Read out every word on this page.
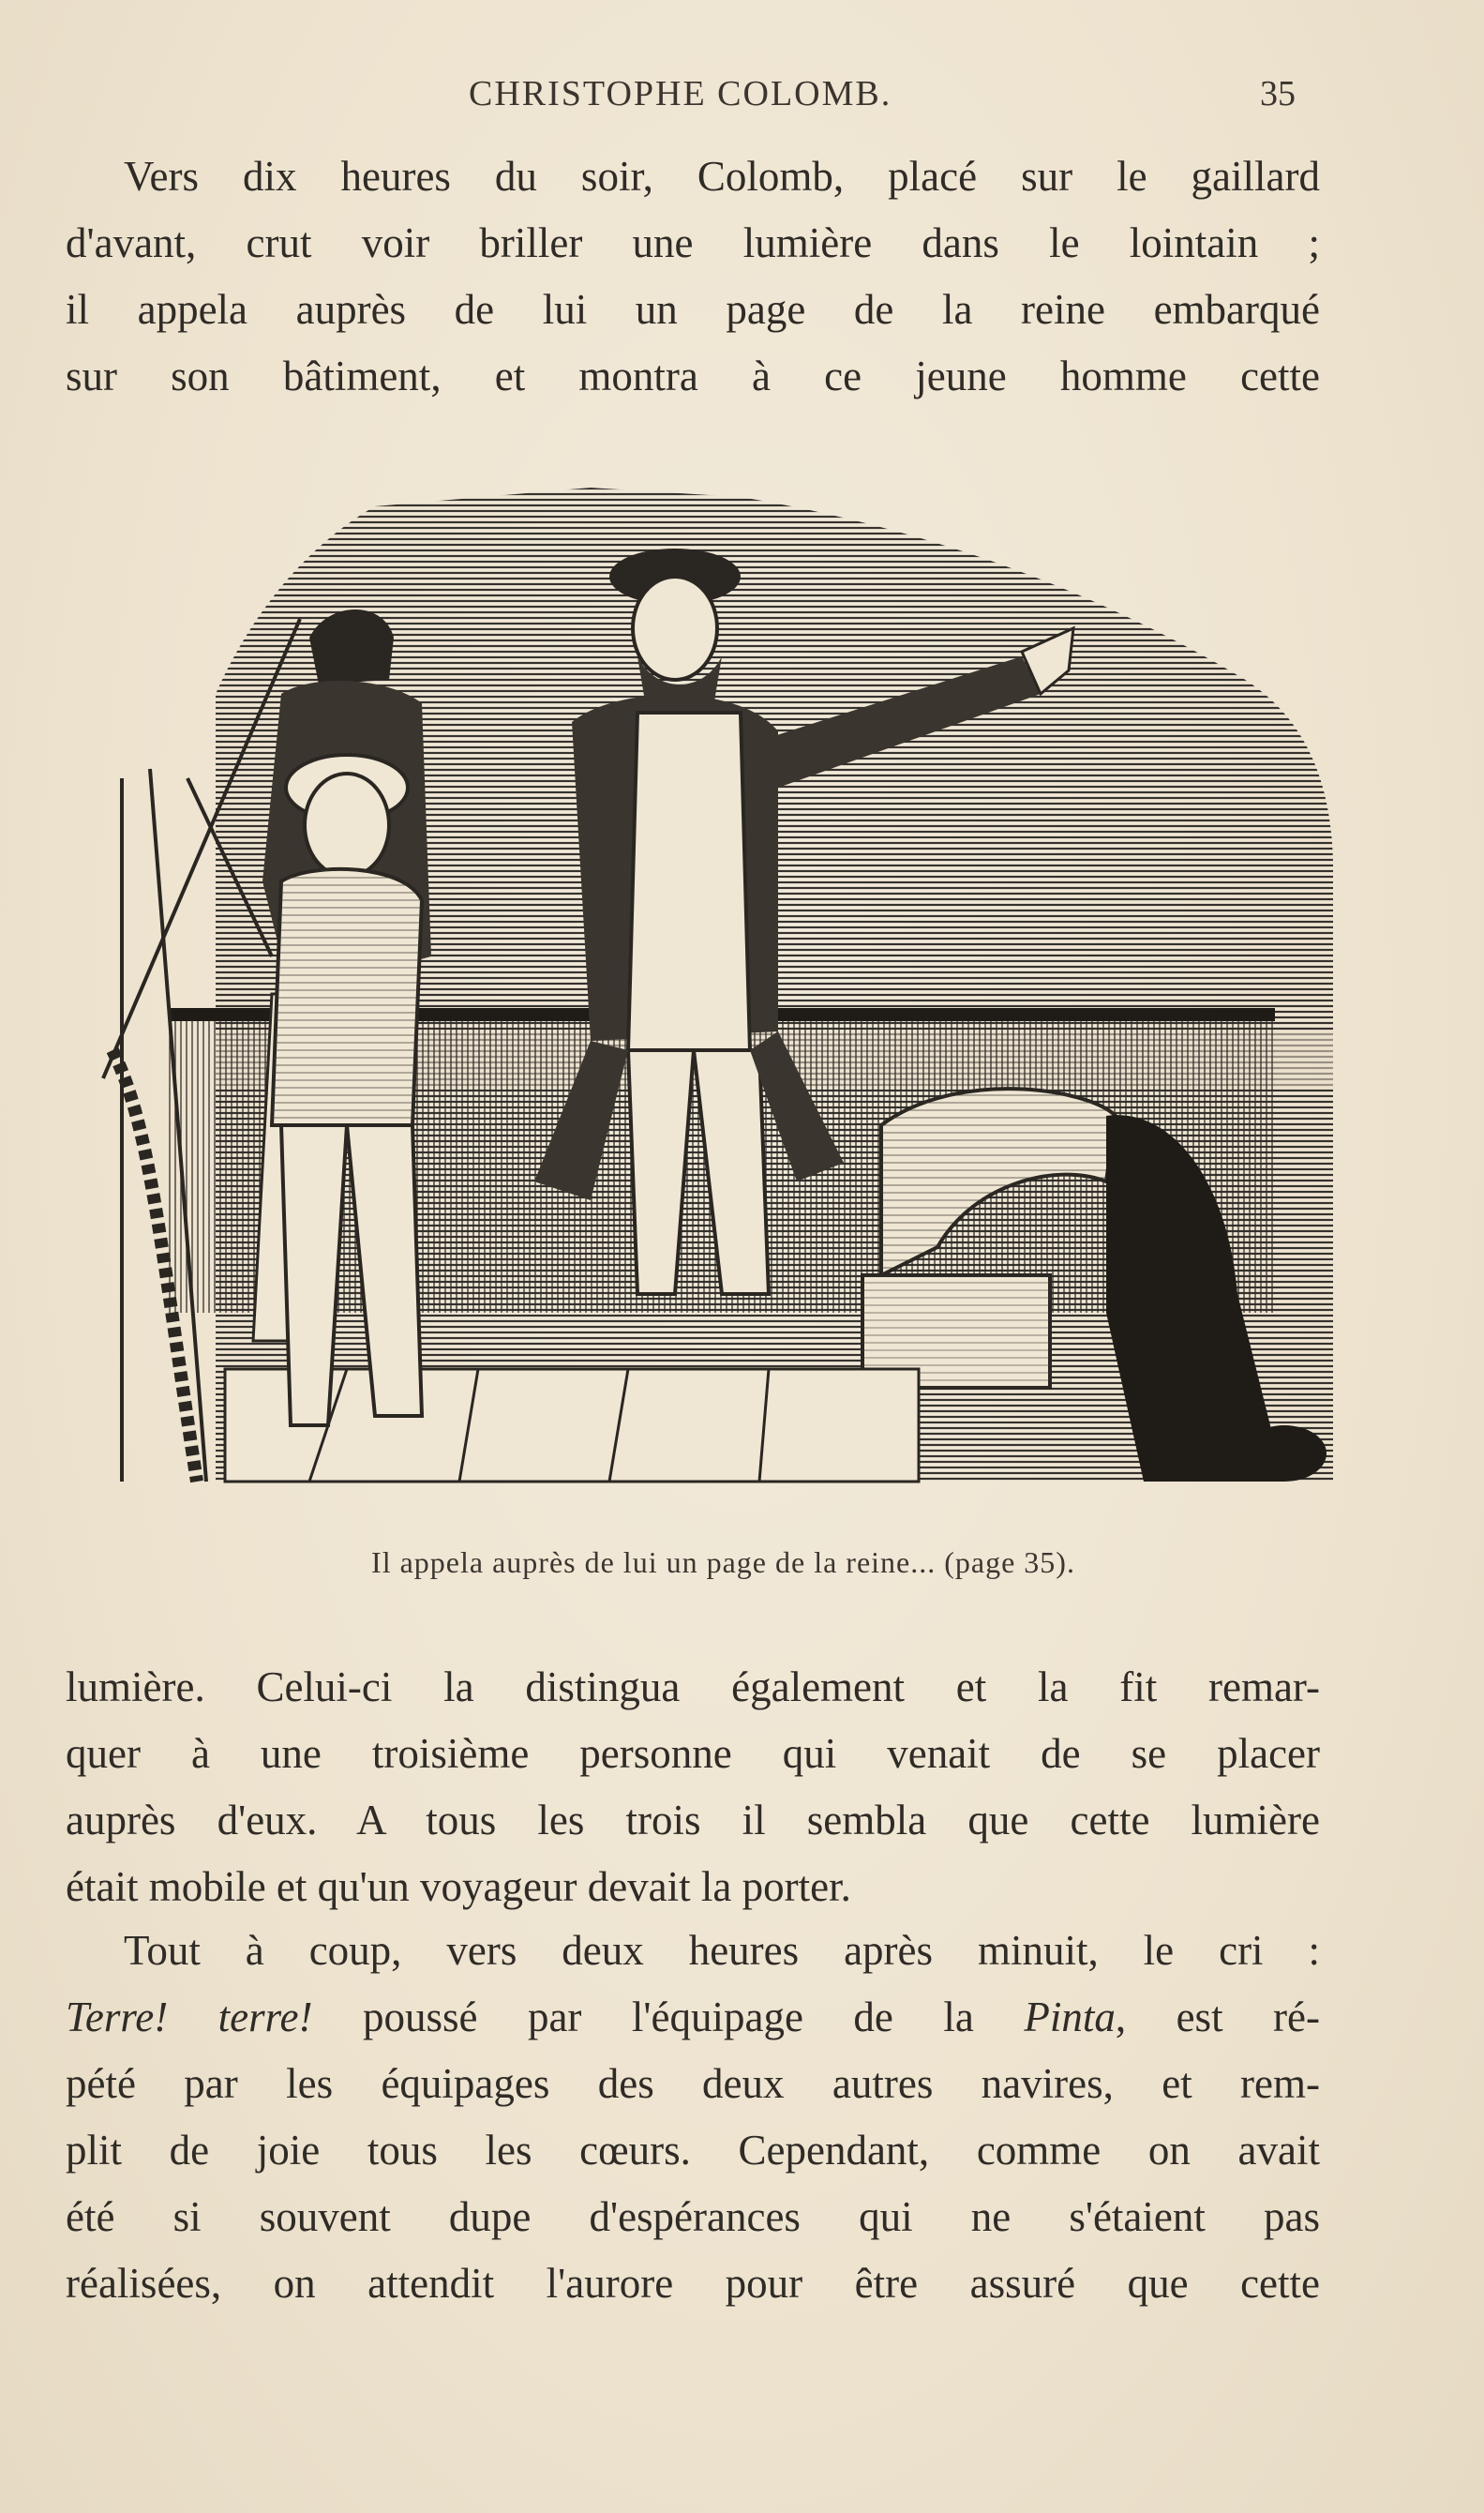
CHRISTOPHE COLOMB.	35
Vers dix heures du soir, Colomb, placé sur le gaillard
d'avant, crut voir briller une lumière dans le lointain ;
il appela auprès de lui un page de la reine embarqué
sur son bâtiment, et montra à ce jeune homme cette
Il appela auprès de lui un page de la reine... (page 35).
lumière. Celui-ci la distingua également et la fit remar-
quer à une troisième personne qui venait de se placer
auprès d'eux. A tous les trois il sembla que cette lumière
était mobile et qu'un voyageur devait la porter.
Tout à coup, vers deux heures après minuit, le cri :
Terre! terre! poussé par l'équipage de la Pinta, est ré-
pété par les équipages des deux autres navires, et rem-
plit de joie tous les cœurs. Cependant, comme on avait
été si souvent dupe d'espérances qui ne s'étaient pas
réalisées, on attendit l'aurore pour être assuré que cette
